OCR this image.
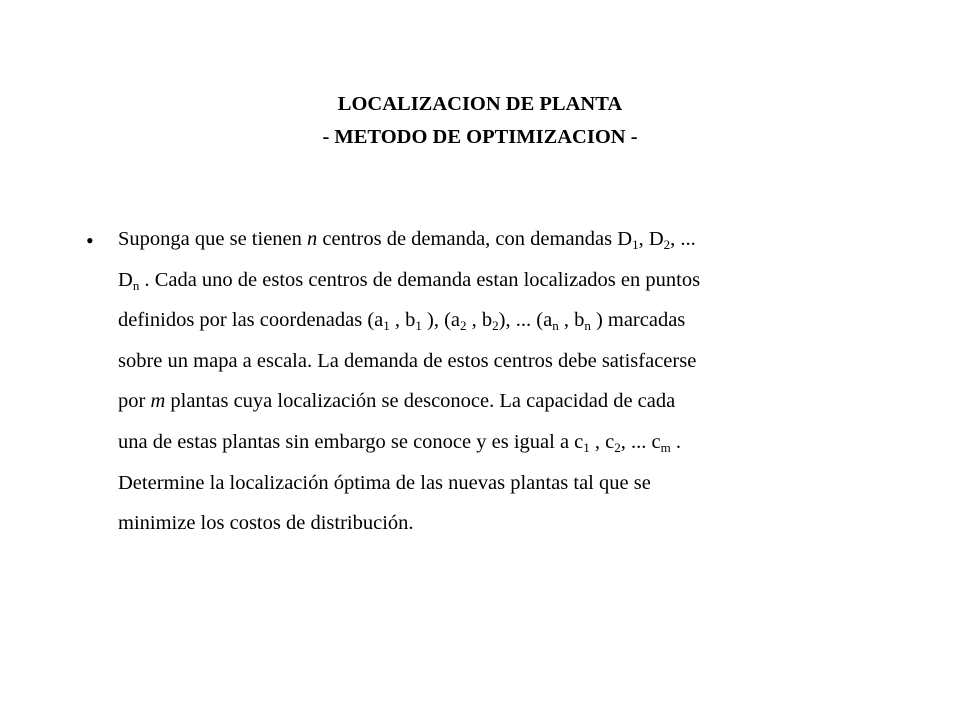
LOCALIZACION DE PLANTA
- METODO DE OPTIMIZACION -
• Suponga que se tienen n centros de demanda, con demandas $D_1$, $D_2$, ...
$D_n$ . Cada uno de estos centros de demanda estan localizados en puntos
definidos por las coordenadas ($a_1$ , $b_1$ ), ($a_2$ , $b_2$), ... ($a_n$ , $b_n$ ) marcadas
sobre un mapa a escala. La demanda de estos centros debe satisfacerse
por m plantas cuya localización se desconoce. La capacidad de cada
una de estas plantas sin embargo se conoce y es igual a $c_1$ , $c_2$, ... $c_m$ .
Determine la localización óptima de las nuevas plantas tal que se
minimize los costos de distribución.
